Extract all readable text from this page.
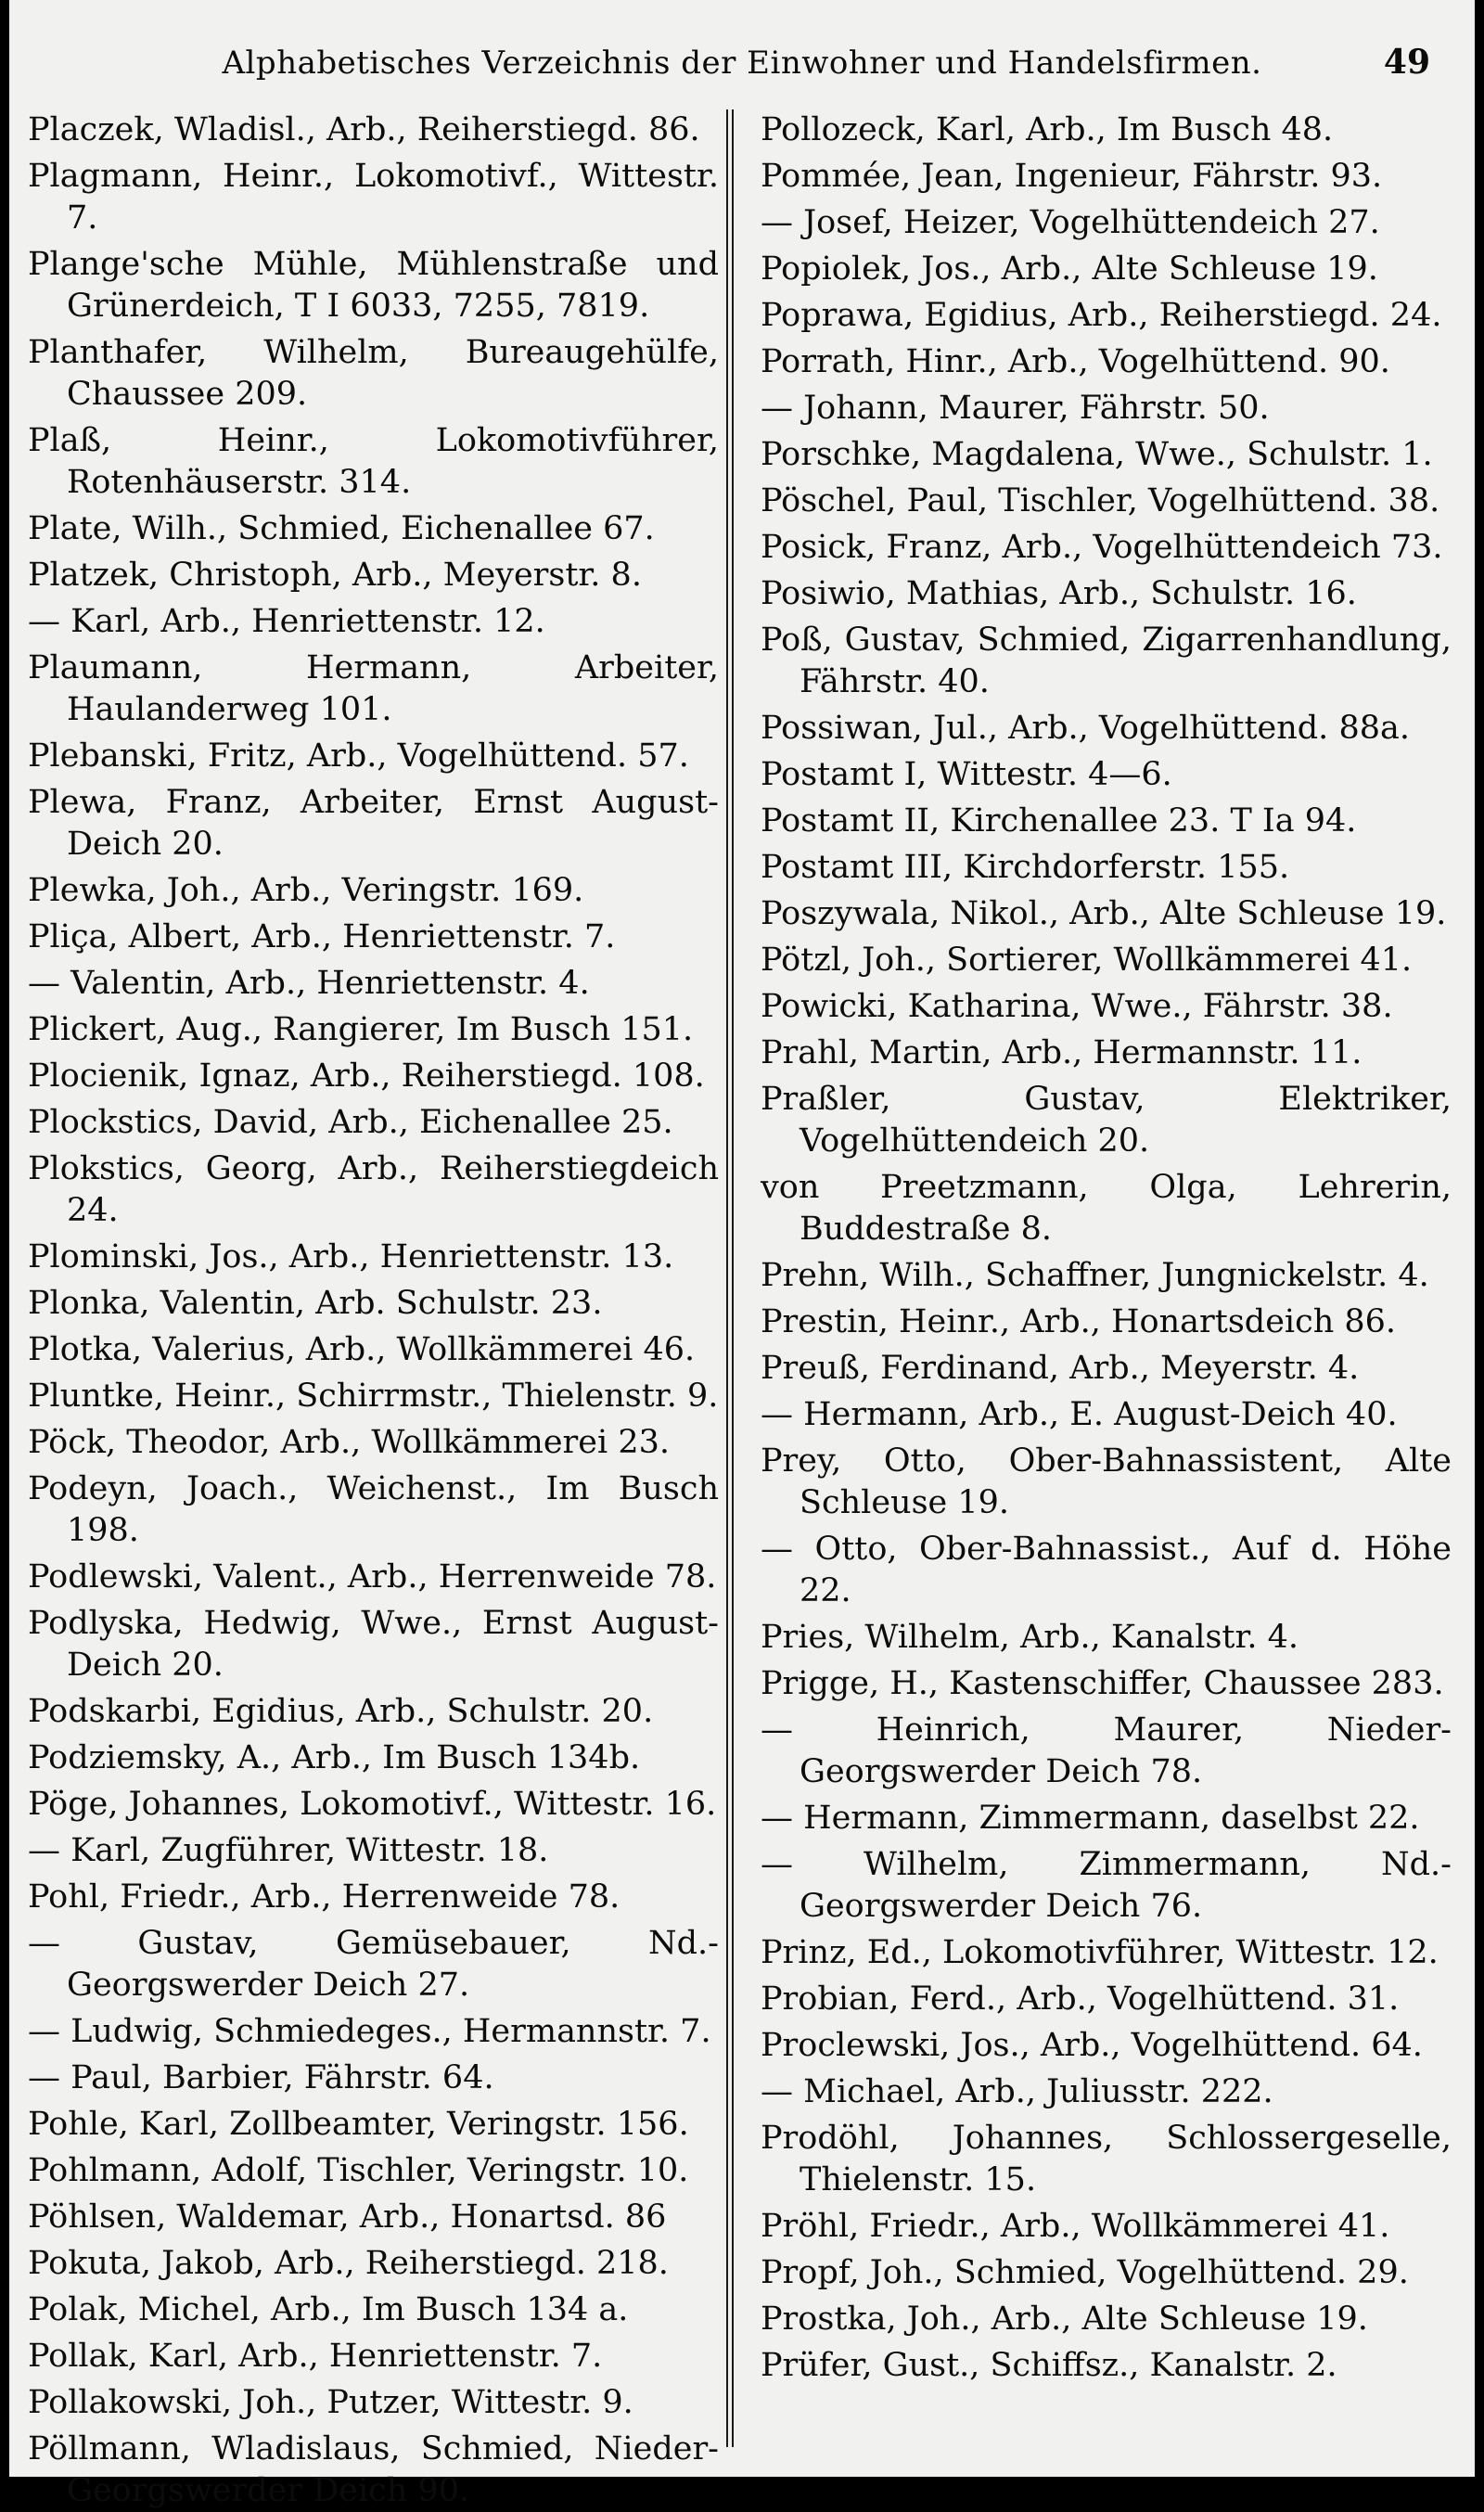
Alphabetisches Verzeichnis der Einwohner und Handelsfirmen.	49

Placzek, Wladisl., Arb., Reiherstiegd. 86.

Plagmann, Heinr., Lokomotivf., Wittestr. 7.

Plange'sche Mühle, Mühlenstraße und Grünerdeich, T I 6033, 7255, 7819.

Planthafer, Wilhelm, Bureaugehülfe, Chaussee 209.

Plaß, Heinr., Lokomotivführer, Rotenhäuserstr. 314.

Plate, Wilh., Schmied, Eichenallee 67.

Platzek, Christoph, Arb., Meyerstr. 8.

— Karl, Arb., Henriettenstr. 12.

Plaumann, Hermann, Arbeiter, Haulanderweg 101.

Plebanski, Fritz, Arb., Vogelhüttend. 57.

Plewa, Franz, Arbeiter, Ernst August-Deich 20.

Plewka, Joh., Arb., Veringstr. 169.

Pliça, Albert, Arb., Henriettenstr. 7.

— Valentin, Arb., Henriettenstr. 4.

Plickert, Aug., Rangierer, Im Busch 151.

Plocienik, Ignaz, Arb., Reiherstiegd. 108.

Plockstics, David, Arb., Eichenallee 25.

Plokstics, Georg, Arb., Reiherstiegdeich 24.

Plominski, Jos., Arb., Henriettenstr. 13.

Plonka, Valentin, Arb. Schulstr. 23.

Plotka, Valerius, Arb., Wollkämmerei 46.

Pluntke, Heinr., Schirrmstr., Thielenstr. 9.

Pöck, Theodor, Arb., Wollkämmerei 23.

Podeyn, Joach., Weichenst., Im Busch 198.

Podlewski, Valent., Arb., Herrenweide 78.

Podlyska, Hedwig, Wwe., Ernst August-Deich 20.

Podskarbi, Egidius, Arb., Schulstr. 20.

Podziemsky, A., Arb., Im Busch 134b.

Pöge, Johannes, Lokomotivf., Wittestr. 16.

— Karl, Zugführer, Wittestr. 18.

Pohl, Friedr., Arb., Herrenweide 78.

— Gustav, Gemüsebauer, Nd.-Georgswerder Deich 27.

— Ludwig, Schmiedeges., Hermannstr. 7.

— Paul, Barbier, Fährstr. 64.

Pohle, Karl, Zollbeamter, Veringstr. 156.

Pohlmann, Adolf, Tischler, Veringstr. 10.

Pöhlsen, Waldemar, Arb., Honartsd. 86

Pokuta, Jakob, Arb., Reiherstiegd. 218.

Polak, Michel, Arb., Im Busch 134 a.

Pollak, Karl, Arb., Henriettenstr. 7.

Pollakowski, Joh., Putzer, Wittestr. 9.

Pöllmann, Wladislaus, Schmied, Nieder-Georgswerder Deich 90.

Pollozeck, Karl, Arb., Im Busch 48.

Pommée, Jean, Ingenieur, Fährstr. 93.

— Josef, Heizer, Vogelhüttendeich 27.

Popiolek, Jos., Arb., Alte Schleuse 19.

Poprawa, Egidius, Arb., Reiherstiegd. 24.

Porrath, Hinr., Arb., Vogelhüttend. 90.

— Johann, Maurer, Fährstr. 50.

Porschke, Magdalena, Wwe., Schulstr. 1.

Pöschel, Paul, Tischler, Vogelhüttend. 38.

Posick, Franz, Arb., Vogelhüttendeich 73.

Posiwio, Mathias, Arb., Schulstr. 16.

Poß, Gustav, Schmied, Zigarrenhandlung, Fährstr. 40.

Possiwan, Jul., Arb., Vogelhüttend. 88a.

Postamt I, Wittestr. 4—6.

Postamt II, Kirchenallee 23. T Ia 94.

Postamt III, Kirchdorferstr. 155.

Poszywala, Nikol., Arb., Alte Schleuse 19.

Pötzl, Joh., Sortierer, Wollkämmerei 41.

Powicki, Katharina, Wwe., Fährstr. 38.

Prahl, Martin, Arb., Hermannstr. 11.

Praßler, Gustav, Elektriker, Vogelhüttendeich 20.

von Preetzmann, Olga, Lehrerin, Buddestraße 8.

Prehn, Wilh., Schaffner, Jungnickelstr. 4.

Prestin, Heinr., Arb., Honartsdeich 86.

Preuß, Ferdinand, Arb., Meyerstr. 4.

— Hermann, Arb., E. August-Deich 40.

Prey, Otto, Ober-Bahnassistent, Alte Schleuse 19.

— Otto, Ober-Bahnassist., Auf d. Höhe 22.

Pries, Wilhelm, Arb., Kanalstr. 4.

Prigge, H., Kastenschiffer, Chaussee 283.

— Heinrich, Maurer, Nieder-Georgswerder Deich 78.

— Hermann, Zimmermann, daselbst 22.

— Wilhelm, Zimmermann, Nd.-Georgswerder Deich 76.

Prinz, Ed., Lokomotivführer, Wittestr. 12.

Probian, Ferd., Arb., Vogelhüttend. 31.

Proclewski, Jos., Arb., Vogelhüttend. 64.

— Michael, Arb., Juliusstr. 222.

Prodöhl, Johannes, Schlossergeselle, Thielenstr. 15.

Pröhl, Friedr., Arb., Wollkämmerei 41.

Propf, Joh., Schmied, Vogelhüttend. 29.

Prostka, Joh., Arb., Alte Schleuse 19.

Prüfer, Gust., Schiffsz., Kanalstr. 2.
